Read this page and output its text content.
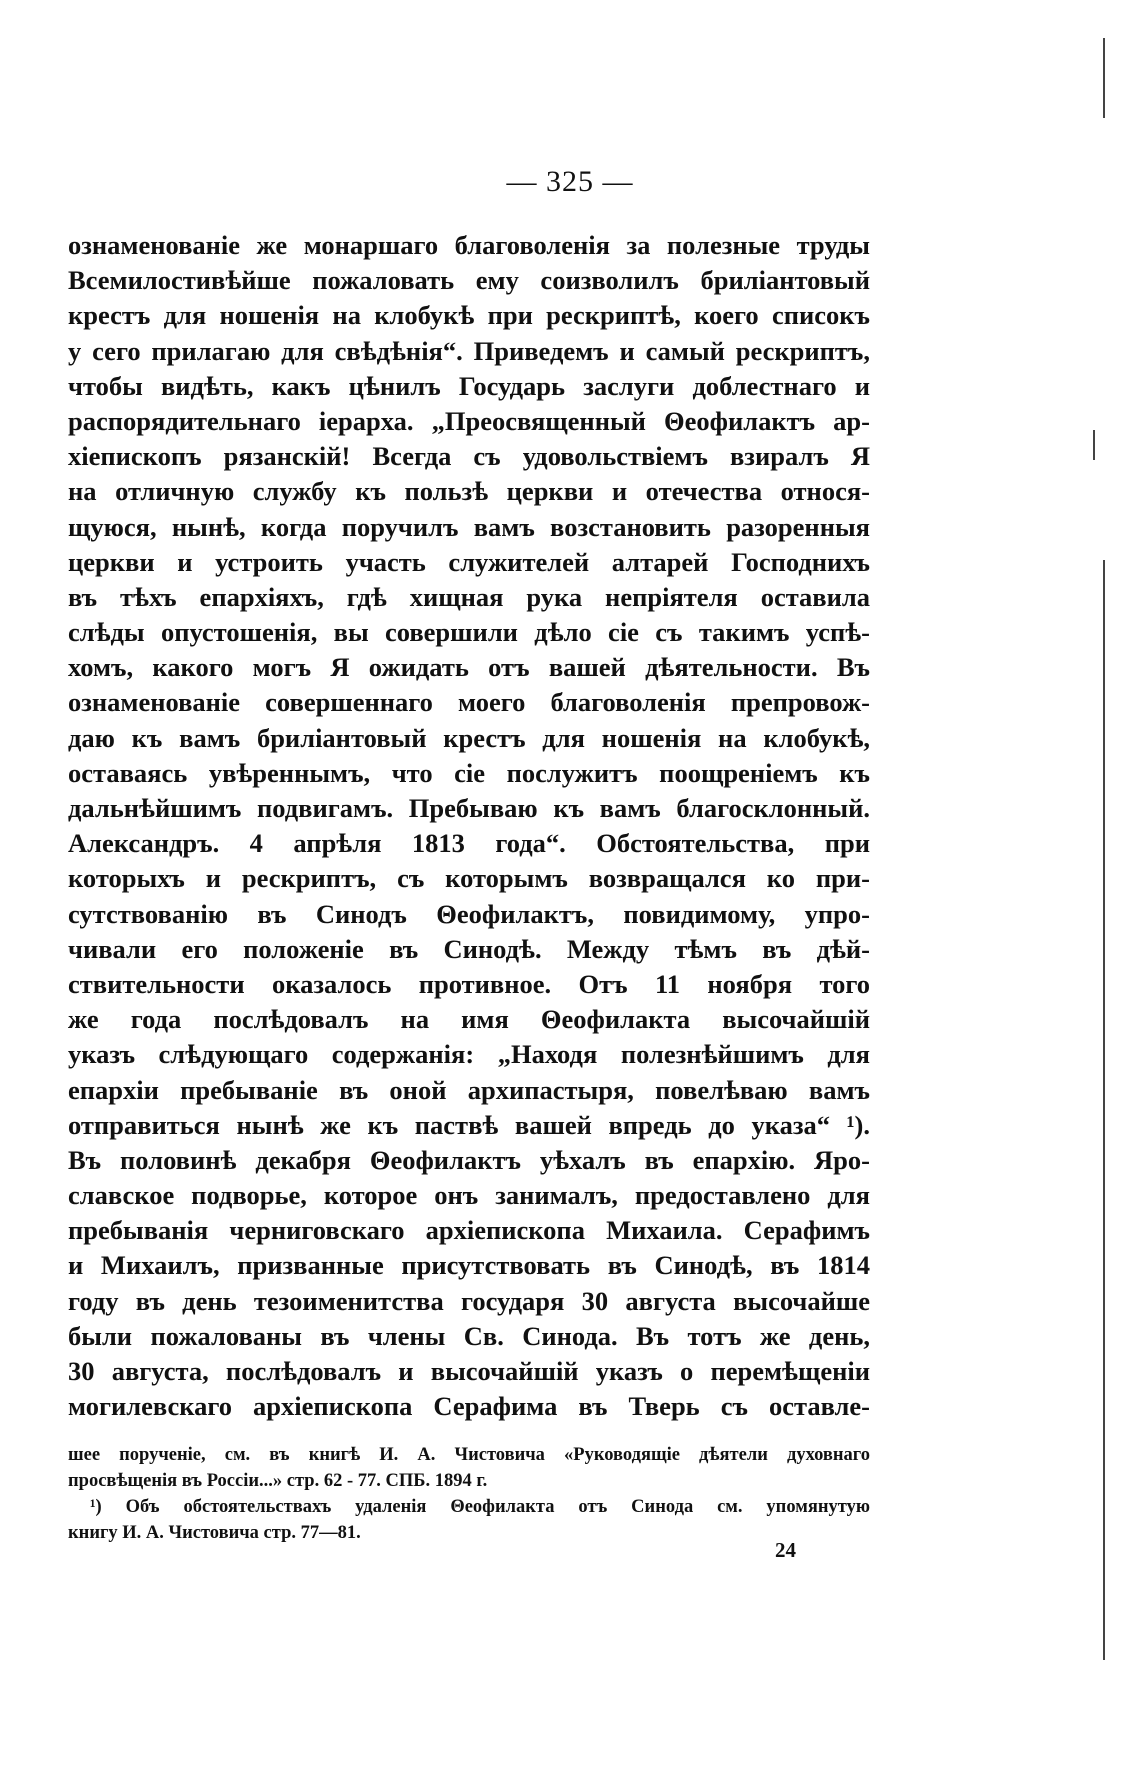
— 325 —
ознаменованіе же монаршаго благоволенія за полезные труды
Всемилостивѣйше пожаловать ему соизволилъ бриліантовый
крестъ для ношенія на клобукѣ при рескриптѣ, коего списокъ
у сего прилагаю для свѣдѣнія“. Приведемъ и самый рескриптъ,
чтобы видѣть, какъ цѣнилъ Государь заслуги доблестнаго и
распорядительнаго іерарха. „Преосвященный Θеофилактъ ар-
хіепископъ рязанскій! Всегда съ удовольствіемъ взиралъ Я
на отличную службу къ пользѣ церкви и отечества относя-
щуюся, нынѣ, когда поручилъ вамъ возстановить разоренныя
церкви и устроить участь служителей алтарей Господнихъ
въ тѣхъ епархіяхъ, гдѣ хищная рука непріятеля оставила
слѣды опустошенія, вы совершили дѣло сіе съ такимъ успѣ-
хомъ, какого могъ Я ожидать отъ вашей дѣятельности. Въ
ознаменованіе совершеннаго моего благоволенія препровож-
даю къ вамъ бриліантовый крестъ для ношенія на клобукѣ,
оставаясь увѣреннымъ, что сіе послужитъ поощреніемъ къ
дальнѣйшимъ подвигамъ. Пребываю къ вамъ благосклонный.
Александръ. 4 апрѣля 1813 года“. Обстоятельства, при
которыхъ и рескриптъ, съ которымъ возвращался ко при-
сутствованію въ Синодъ Θеофилактъ, повидимому, упро-
чивали его положеніе въ Синодѣ. Между тѣмъ въ дѣй-
ствительности оказалось противное. Отъ 11 ноября того
же года послѣдовалъ на имя Θеофилакта высочайшій
указъ слѣдующаго содержанія: „Находя полезнѣйшимъ для
епархіи пребываніе въ оной архипастыря, повелѣваю вамъ
отправиться нынѣ же къ паствѣ вашей впредь до указа“ ¹).
Въ половинѣ декабря Θеофилактъ уѣхалъ въ епархію. Яро-
славское подворье, которое онъ занималъ, предоставлено для
пребыванія черниговскаго архіепископа Михаила. Серафимъ
и Михаилъ, призванные присутствовать въ Синодѣ, въ 1814
году въ день тезоименитства государя 30 августа высочайше
были пожалованы въ члены Св. Синода. Въ тотъ же день,
30 августа, послѣдовалъ и высочайшій указъ о перемѣщеніи
могилевскаго архіепископа Серафима въ Тверь съ оставле-
шее порученіе, см. въ книгѣ И. А. Чистовича «Руководящіе дѣятели духовнаго
просвѣщенія въ Россіи...» стр. 62 - 77. СПБ. 1894 г.
¹) Объ обстоятельствахъ удаленія Θеофилакта отъ Синода см. упомянутую
книгу И. А. Чистовича стр. 77—81.
24
